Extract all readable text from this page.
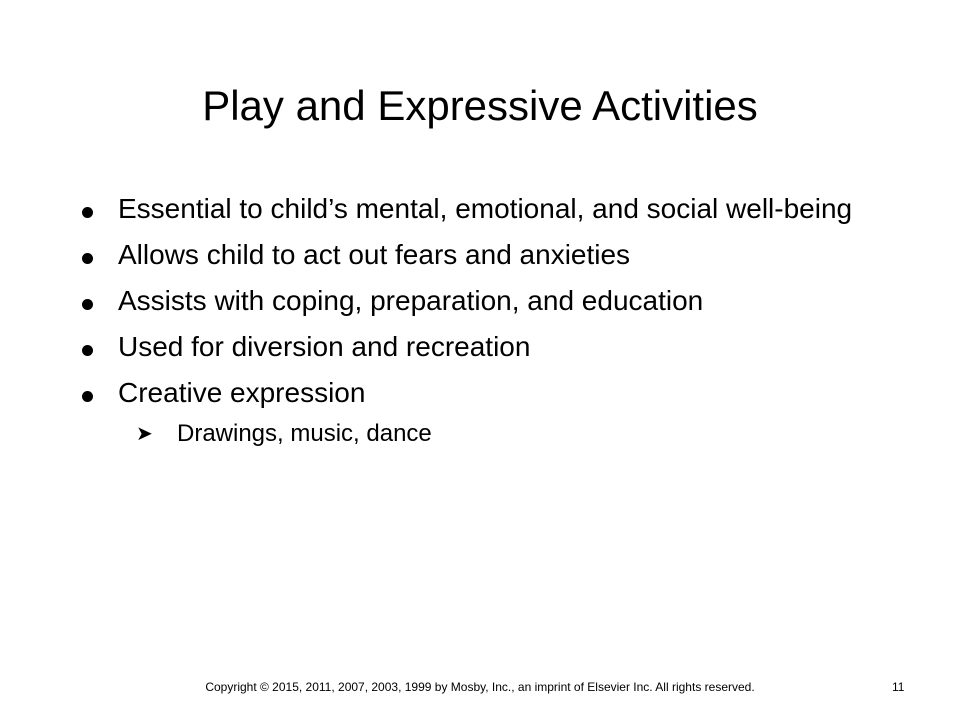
Play and Expressive Activities
Essential to child’s mental, emotional, and social well-being
Allows child to act out fears and anxieties
Assists with coping, preparation, and education
Used for diversion and recreation
Creative expression
➤ Drawings, music, dance
Copyright © 2015, 2011, 2007, 2003, 1999 by Mosby, Inc., an imprint of Elsevier Inc. All rights reserved.	11
